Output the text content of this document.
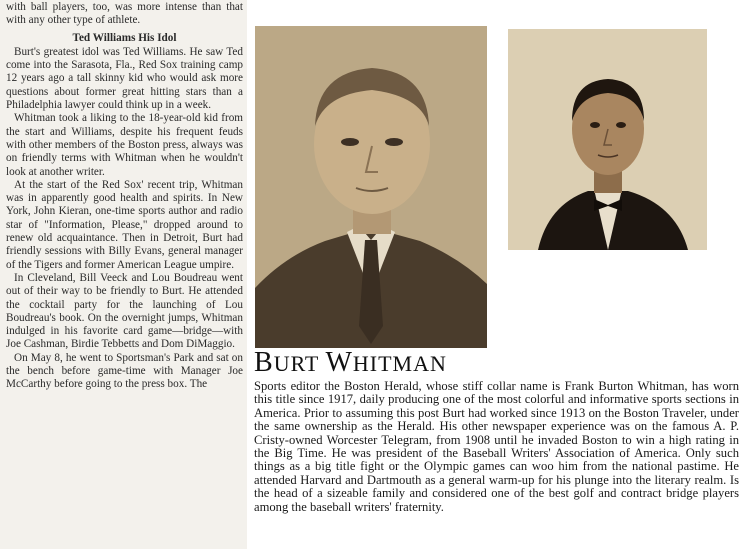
with ball players, too, was more intense than that with any other type of athlete.

Ted Williams His Idol

Burt's greatest idol was Ted Williams. He saw Ted come into the Sarasota, Fla., Red Sox training camp 12 years ago a tall skinny kid who would ask more questions about former great hitting stars than a Philadelphia lawyer could think up in a week.

Whitman took a liking to the 18-year-old kid from the start and Williams, despite his frequent feuds with other members of the Boston press, always was on friendly terms with Whitman when he wouldn't look at another writer.

At the start of the Red Sox' recent trip, Whitman was in apparently good health and spirits. In New York, John Kieran, one-time sports author and radio star of "Information, Please," dropped around to renew old acquaintance. Then in Detroit, Burt had friendly sessions with Billy Evans, general manager of the Tigers and former American League umpire.

In Cleveland, Bill Veeck and Lou Boudreau went out of their way to be friendly to Burt. He attended the cocktail party for the launching of Lou Boudreau's book. On the overnight jumps, Whitman indulged in his favorite card game—bridge—with Joe Cashman, Birdie Tebbetts and Dom DiMaggio.

On May 8, he went to Sportsman's Park and sat on the bench before game-time with Manager Joe McCarthy before going to the press box. The

BURT WHITMAN

Sports editor the Boston Herald, whose stiff collar name is Frank Burton Whitman, has worn this title since 1917, daily producing one of the most colorful and informative sports sections in America. Prior to assuming this post Burt had worked since 1913 on the Boston Traveler, under the same ownership as the Herald. His other newspaper experience was on the famous A. P. Cristy-owned Worcester Telegram, from 1908 until he invaded Boston to win a high rating in the Big Time. He was president of the Baseball Writers' Association of America. Only such things as a big title fight or the Olympic games can woo him from the national pastime. He attended Harvard and Dartmouth as a general warm-up for his plunge into the literary realm. Is the head of a sizeable family and considered one of the best golf and contract bridge players among the baseball writers' fraternity.
